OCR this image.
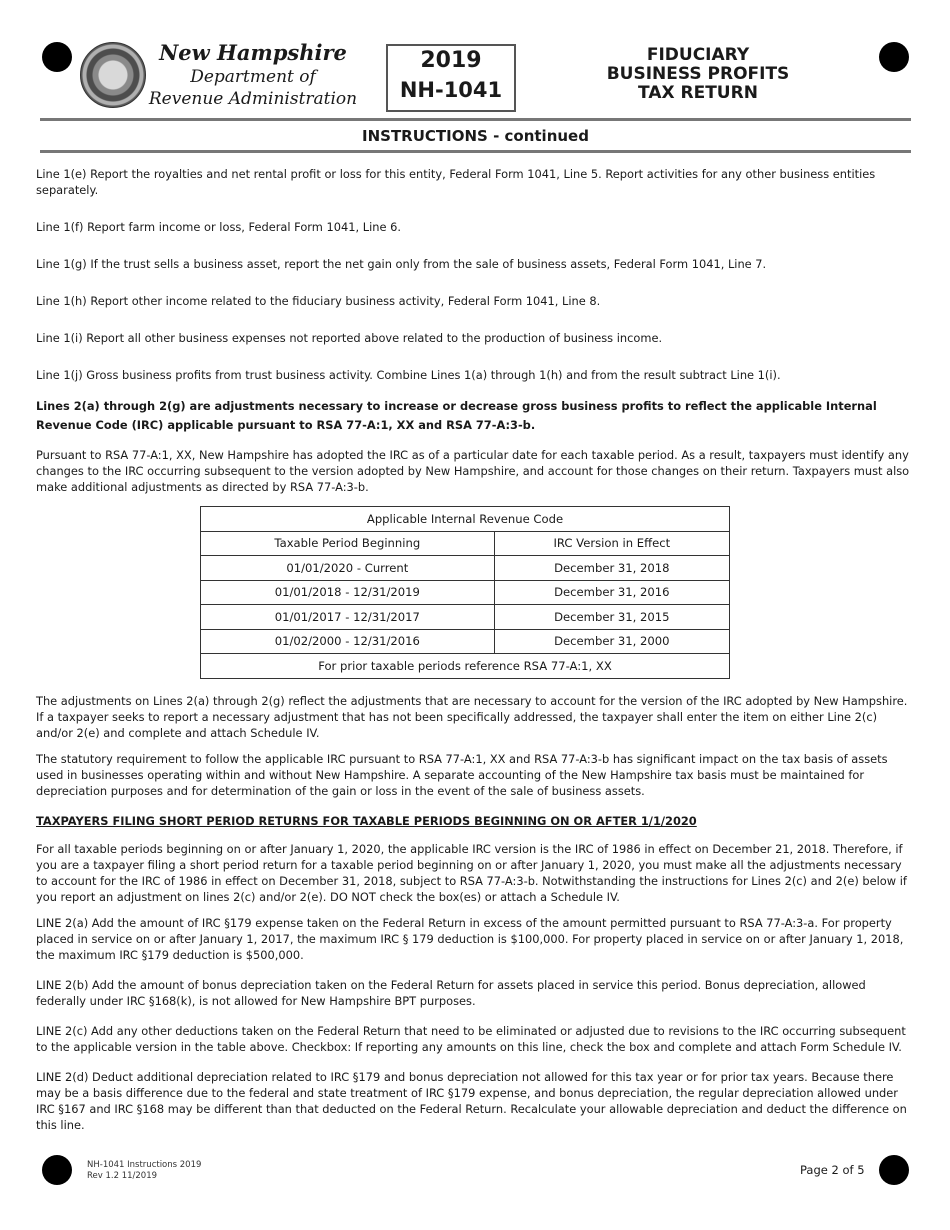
New Hampshire
Department of
Revenue Administration
2019
NH-1041
FIDUCIARY
BUSINESS PROFITS
TAX RETURN
INSTRUCTIONS - continued

Line 1(e) Report the royalties and net rental profit or loss for this entity, Federal Form 1041, Line 5. Report activities for any other business entities separately.

Line 1(f) Report farm income or loss, Federal Form 1041, Line 6.

Line 1(g) If the trust sells a business asset, report the net gain only from the sale of business assets, Federal Form 1041, Line 7.

Line 1(h) Report other income related to the fiduciary business activity, Federal Form 1041, Line 8.

Line 1(i) Report all other business expenses not reported above related to the production of business income.

Line 1(j) Gross business profits from trust business activity. Combine Lines 1(a) through 1(h) and from the result subtract Line 1(i).

Lines 2(a) through 2(g) are adjustments necessary to increase or decrease gross business profits to reflect the applicable Internal Revenue Code (IRC) applicable pursuant to RSA 77-A:1, XX and RSA 77-A:3-b.

Pursuant to RSA 77-A:1, XX, New Hampshire has adopted the IRC as of a particular date for each taxable period. As a result, taxpayers must identify any changes to the IRC occurring subsequent to the version adopted by New Hampshire, and account for those changes on their return. Taxpayers must also make additional adjustments as directed by RSA 77-A:3-b.

Applicable Internal Revenue Code	
Taxable Period Beginning	IRC Version in Effect
01/01/2020 - Current	December 31, 2018
01/01/2018 - 12/31/2019	December 31, 2016
01/01/2017 - 12/31/2017	December 31, 2015
01/02/2000 - 12/31/2016	December 31, 2000
For prior taxable periods reference RSA 77-A:1, XX	

The adjustments on Lines 2(a) through 2(g) reflect the adjustments that are necessary to account for the version of the IRC adopted by New Hampshire. If a taxpayer seeks to report a necessary adjustment that has not been specifically addressed, the taxpayer shall enter the item on either Line 2(c) and/or 2(e) and complete and attach Schedule IV.

The statutory requirement to follow the applicable IRC pursuant to RSA 77-A:1, XX and RSA 77-A:3-b has significant impact on the tax basis of assets used in businesses operating within and without New Hampshire. A separate accounting of the New Hampshire tax basis must be maintained for depreciation purposes and for determination of the gain or loss in the event of the sale of business assets.

TAXPAYERS FILING SHORT PERIOD RETURNS FOR TAXABLE PERIODS BEGINNING ON OR AFTER 1/1/2020

For all taxable periods beginning on or after January 1, 2020, the applicable IRC version is the IRC of 1986 in effect on December 21, 2018. Therefore, if you are a taxpayer filing a short period return for a taxable period beginning on or after January 1, 2020, you must make all the adjustments necessary to account for the IRC of 1986 in effect on December 31, 2018, subject to RSA 77-A:3-b. Notwithstanding the instructions for Lines 2(c) and 2(e) below if you report an adjustment on lines 2(c) and/or 2(e). DO NOT check the box(es) or attach a Schedule IV.

LINE 2(a) Add the amount of IRC §179 expense taken on the Federal Return in excess of the amount permitted pursuant to RSA 77-A:3-a. For property placed in service on or after January 1, 2017, the maximum IRC § 179 deduction is $100,000. For property placed in service on or after January 1, 2018, the maximum IRC §179 deduction is $500,000.

LINE 2(b) Add the amount of bonus depreciation taken on the Federal Return for assets placed in service this period. Bonus depreciation, allowed federally under IRC §168(k), is not allowed for New Hampshire BPT purposes.

LINE 2(c) Add any other deductions taken on the Federal Return that need to be eliminated or adjusted due to revisions to the IRC occurring subsequent to the applicable version in the table above. Checkbox: If reporting any amounts on this line, check the box and complete and attach Form Schedule IV.

LINE 2(d) Deduct additional depreciation related to IRC §179 and bonus depreciation not allowed for this tax year or for prior tax years. Because there may be a basis difference due to the federal and state treatment of IRC §179 expense, and bonus depreciation, the regular depreciation allowed under IRC §167 and IRC §168 may be different than that deducted on the Federal Return. Recalculate your allowable depreciation and deduct the difference on this line.

NH-1041 Instructions 2019
Rev 1.2 11/2019	Page 2 of 5
